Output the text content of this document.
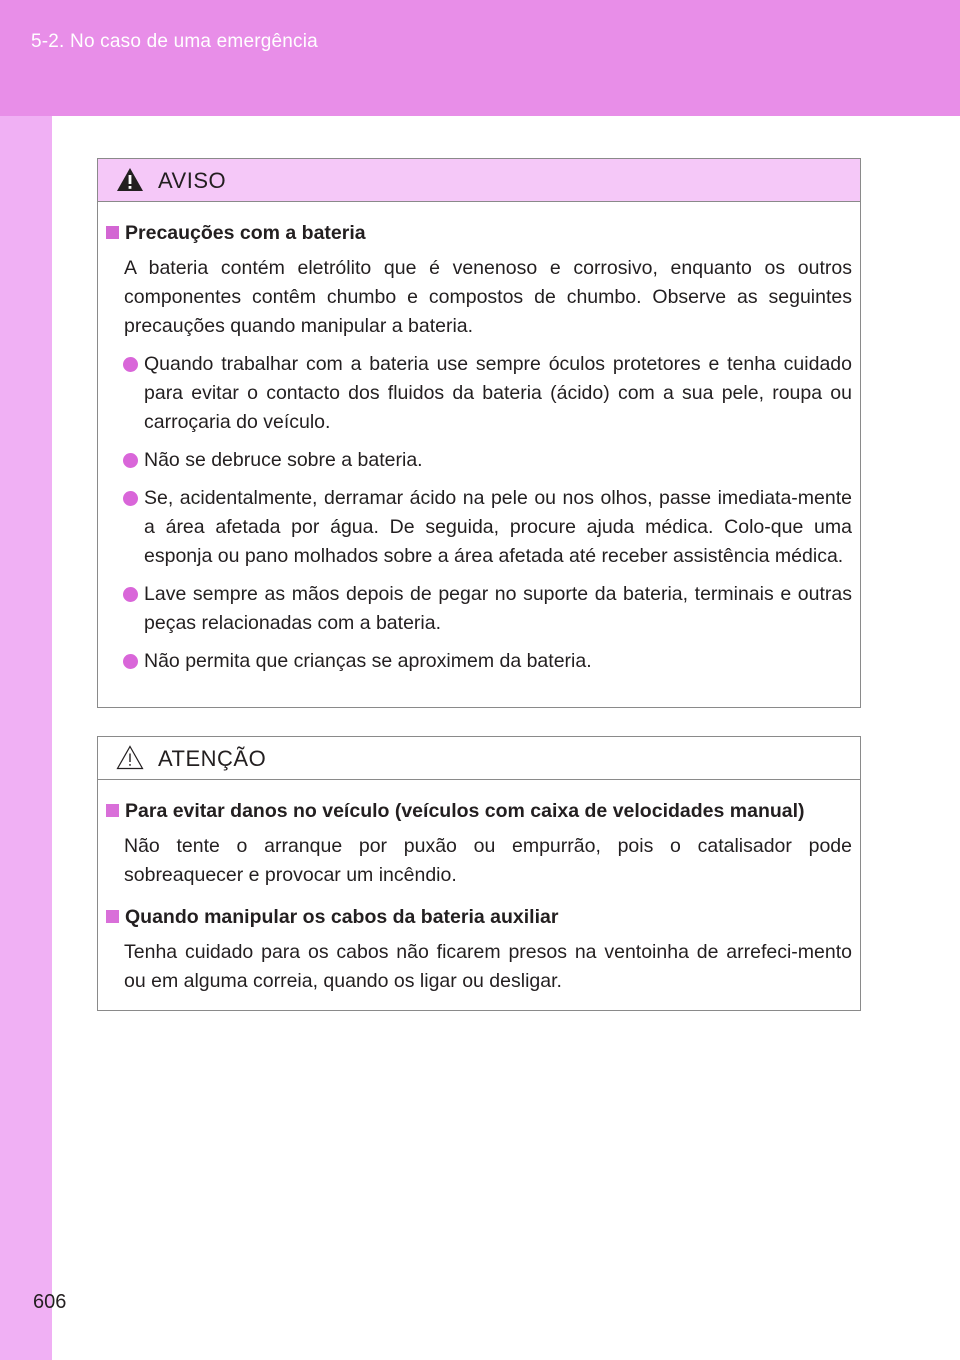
5-2. No caso de uma emergência
AVISO
Precauções com a bateria
A bateria contém eletrólito que é venenoso e corrosivo, enquanto os outros componentes contêm chumbo e compostos de chumbo. Observe as seguintes precauções quando manipular a bateria.
Quando trabalhar com a bateria use sempre óculos protetores e tenha cuidado para evitar o contacto dos fluidos da bateria (ácido) com a sua pele, roupa ou carroçaria do veículo.
Não se debruce sobre a bateria.
Se, acidentalmente, derramar ácido na pele ou nos olhos, passe imediata-mente a área afetada por água. De seguida, procure ajuda médica. Colo-que uma esponja ou pano molhados sobre a área afetada até receber assistência médica.
Lave sempre as mãos depois de pegar no suporte da bateria, terminais e outras peças relacionadas com a bateria.
Não permita que crianças se aproximem da bateria.
ATENÇÃO
Para evitar danos no veículo (veículos com caixa de velocidades manual)
Não tente o arranque por puxão ou empurrão, pois o catalisador pode sobreaquecer e provocar um incêndio.
Quando manipular os cabos da bateria auxiliar
Tenha cuidado para os cabos não ficarem presos na ventoinha de arrefeci-mento ou em alguma correia, quando os ligar ou desligar.
606
